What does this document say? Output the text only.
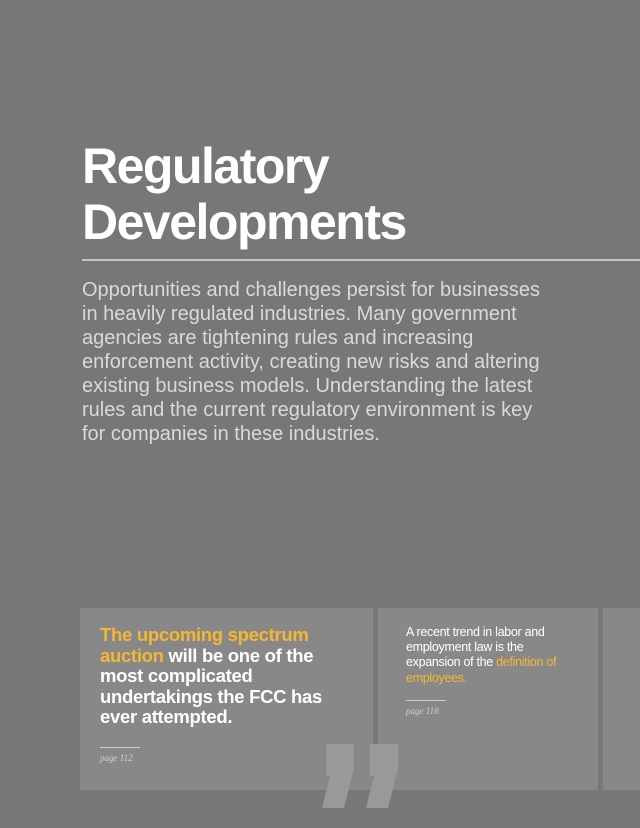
Regulatory
Developments

Opportunities and challenges persist for businesses in heavily regulated industries. Many government agencies are tightening rules and increasing enforcement activity, creating new risks and altering existing business models. Understanding the latest rules and the current regulatory environment is key for companies in these industries.

The upcoming spectrum auction will be one of the most complicated undertakings the FCC has ever attempted.

page 112

A recent trend in labor and employment law is the expansion of the definition of employees.

page 118
